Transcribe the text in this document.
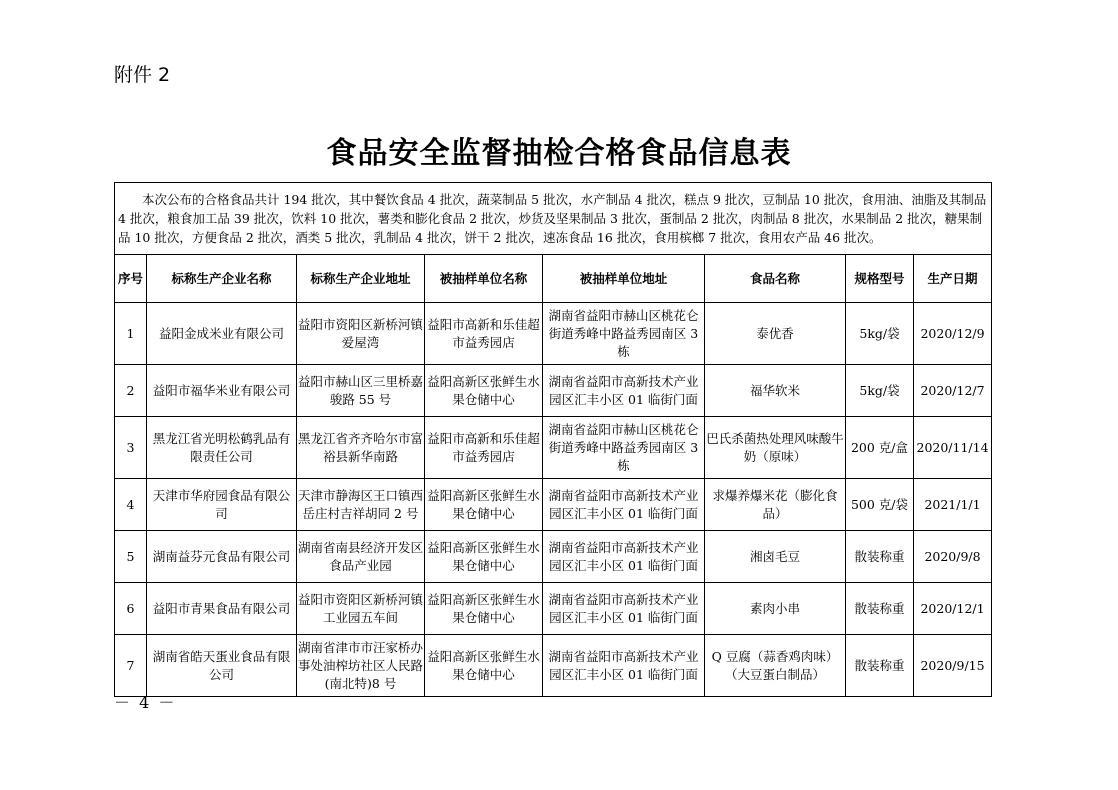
附件 2
食品安全监督抽检合格食品信息表
本次公布的合格食品共计 194 批次，其中餐饮食品 4 批次，蔬菜制品 5 批次，水产制品 4 批次，糕点 9 批次，豆制品 10 批次，食用油、油脂及其制品 4 批次，粮食加工品 39 批次，饮料 10 批次，薯类和膨化食品 2 批次，炒货及坚果制品 3 批次，蛋制品 2 批次，肉制品 8 批次，水果制品 2 批次，糖果制品 10 批次，方便食品 2 批次，酒类 5 批次，乳制品 4 批次，饼干 2 批次，速冻食品 16 批次，食用槟榔 7 批次，食用农产品 46 批次。							
序号	标称生产企业名称	标称生产企业地址	被抽样单位名称	被抽样单位地址	食品名称	规格型号	生产日期
1	益阳金成米业有限公司	益阳市资阳区新桥河镇爱屋湾	益阳市高新和乐佳超市益秀园店	湖南省益阳市赫山区桃花仑街道秀峰中路益秀园南区 3 栋	泰优香	5kg/袋	2020/12/9
2	益阳市福华米业有限公司	益阳市赫山区三里桥嘉骏路 55 号	益阳高新区张鲜生水果仓储中心	湖南省益阳市高新技术产业园区汇丰小区 01 临街门面	福华软米	5kg/袋	2020/12/7
3	黑龙江省光明松鹤乳品有限责任公司	黑龙江省齐齐哈尔市富裕县新华南路	益阳市高新和乐佳超市益秀园店	湖南省益阳市赫山区桃花仑街道秀峰中路益秀园南区 3 栋	巴氏杀菌热处理风味酸牛奶（原味）	200 克/盒	2020/11/14
4	天津市华府园食品有限公司	天津市静海区王口镇西岳庄村吉祥胡同 2 号	益阳高新区张鲜生水果仓储中心	湖南省益阳市高新技术产业园区汇丰小区 01 临街门面	求爆养爆米花（膨化食品）	500 克/袋	2021/1/1
5	湖南益芬元食品有限公司	湖南省南县经济开发区食品产业园	益阳高新区张鲜生水果仓储中心	湖南省益阳市高新技术产业园区汇丰小区 01 临街门面	湘卤毛豆	散装称重	2020/9/8
6	益阳市青果食品有限公司	益阳市资阳区新桥河镇工业园五车间	益阳高新区张鲜生水果仓储中心	湖南省益阳市高新技术产业园区汇丰小区 01 临街门面	素肉小串	散装称重	2020/12/1
7	湖南省皓天蛋业食品有限公司	湖南省津市市汪家桥办事处油榨坊社区人民路(南北特)8 号	益阳高新区张鲜生水果仓储中心	湖南省益阳市高新技术产业园区汇丰小区 01 临街门面	Q 豆腐（蒜香鸡肉味）（大豆蛋白制品）	散装称重	2020/9/15
－ 4 －
